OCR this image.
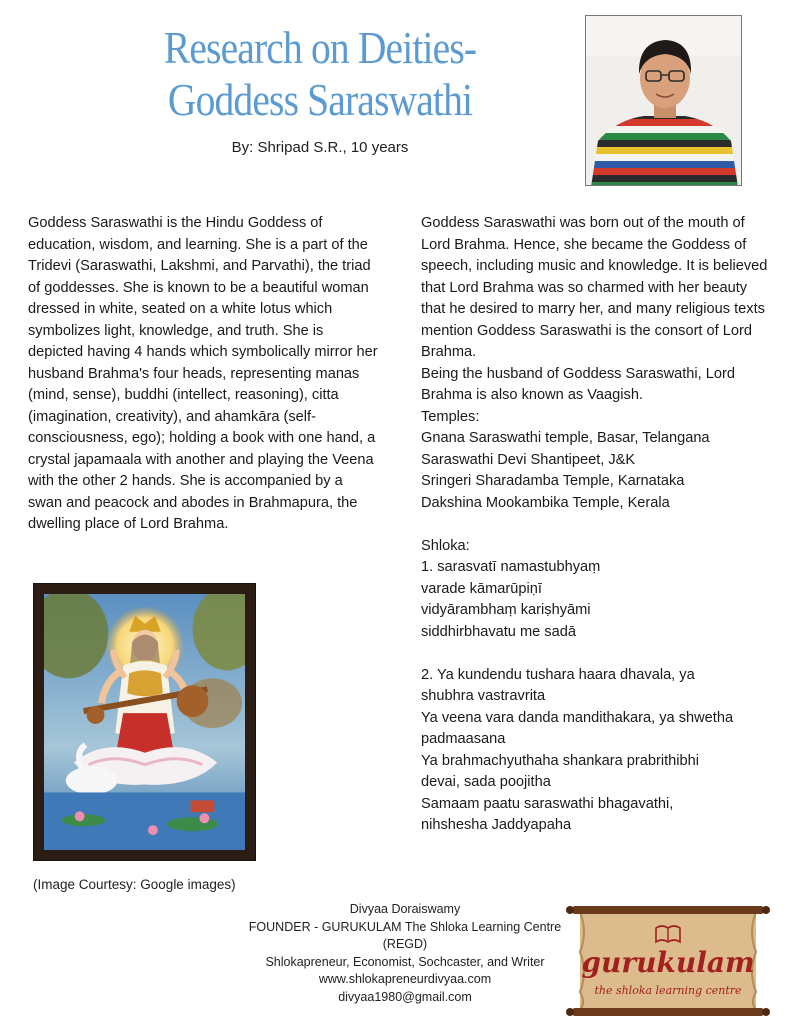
Research on Deities- Goddess Saraswathi
By: Shripad S.R., 10 years

Goddess Saraswathi is the Hindu Goddess of education, wisdom, and learning. She is a part of the Tridevi (Saraswathi, Lakshmi, and Parvathi), the triad of goddesses. She is known to be a beautiful woman dressed in white, seated on a white lotus which symbolizes light, knowledge, and truth. She is depicted having 4 hands which symbolically mirror her husband Brahma's four heads, representing manas (mind, sense), buddhi (intellect, reasoning), citta (imagination, creativity), and ahamkāra (self-consciousness, ego); holding a book with one hand, a crystal japamaala with another and playing the Veena with the other 2 hands. She is accompanied by a swan and peacock and abodes in Brahmapura, the dwelling place of Lord Brahma.

Goddess Saraswathi was born out of the mouth of Lord Brahma. Hence, she became the Goddess of speech, including music and knowledge. It is believed that Lord Brahma was so charmed with her beauty that he desired to marry her, and many religious texts mention Goddess Saraswathi is the consort of Lord Brahma.

Being the husband of Goddess Saraswathi, Lord Brahma is also known as Vaagish.

Temples:

Gnana Saraswathi temple, Basar, Telangana

Saraswathi Devi Shantipeet, J&K

Sringeri Sharadamba Temple, Karnataka

Dakshina Mookambika Temple, Kerala

Shloka:

1. sarasvatī namastubhyaṃ

varade kāmarūpiṇī

vidyārambhaṃ kariṣhyāmi

siddhirbhavatu me sadā

2. Ya kundendu tushara haara dhavala, ya

shubhra vastravrita

Ya veena vara danda mandithakara, ya shwetha

padmaasana

Ya brahmachyuthaha shankara prabrithibhi

devai, sada poojitha

Samaam paatu saraswathi bhagavathi,

nihshesha Jaddyapaha

(Image Courtesy: Google images)
Divyaa Doraiswamy
FOUNDER - GURUKULAM The Shloka Learning Centre (REGD)
Shlokapreneur, Economist, Sochcaster, and Writer
www.shlokapreneurdivyaa.com
divyaa1980@gmail.com
gurukulam
the shloka learning centre
